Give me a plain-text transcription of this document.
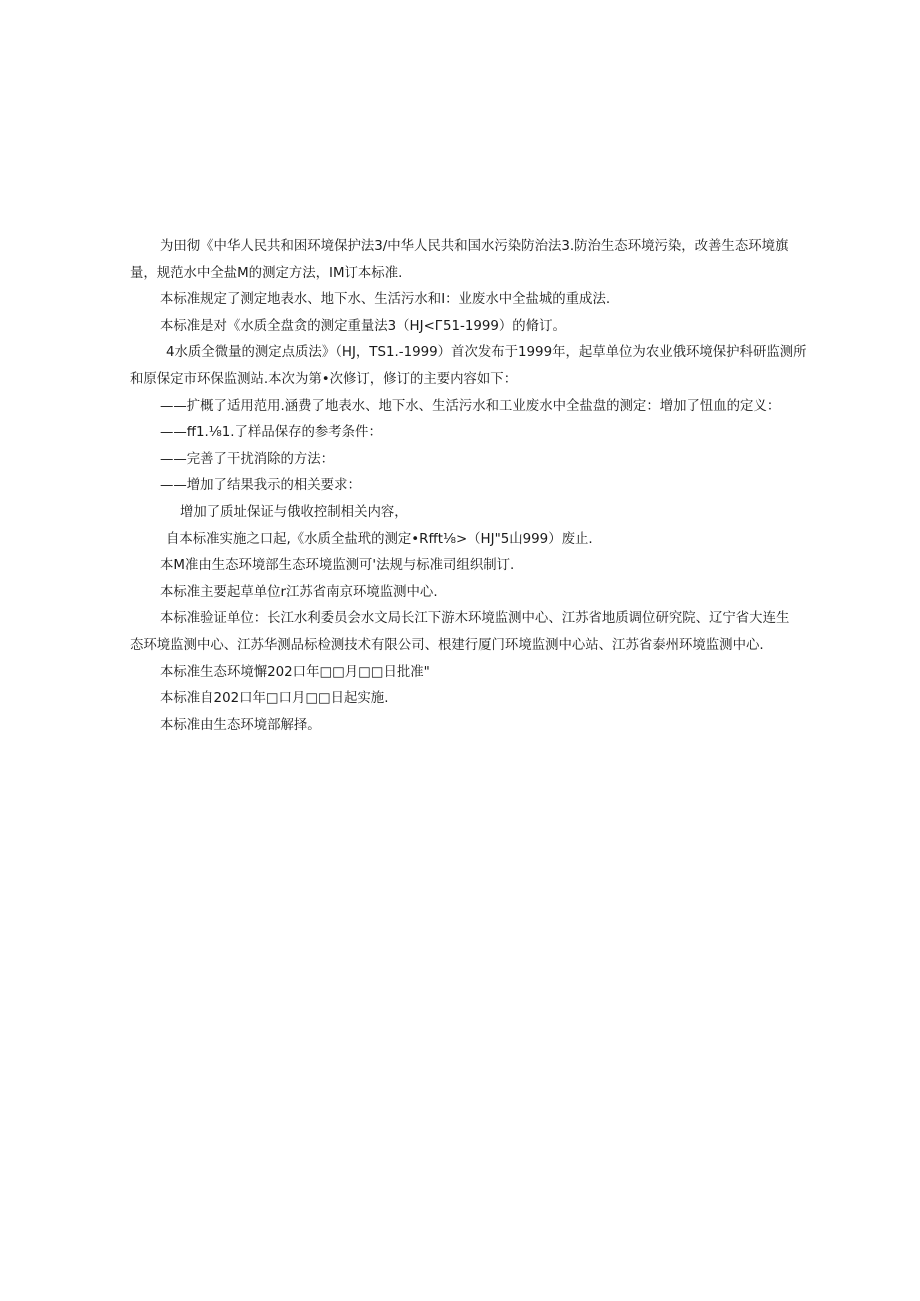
为田彻《中华人民共和困环境保护法3/中华人民共和国水污染防治法3.防治生态环境污染，改善生态环境旗
量，规范水中全盐M的测定方法，IM订本标准.
本标准规定了测定地表水、地下水、生活污水和I：业废水中全盐城的重成法.
本标准是对《水质全盘贪的测定重量法3（HJ<Г51-1999）的脩订。
4水质全微量的测定点质法》（HJ，TS1.-1999）首次发布于1999年，起草单位为农业俄环境保护科研监测所
和原保定市环保监测站.本次为第•次修订，修订的主要内容如下：
——扩概了适用范用.涵费了地表水、地下水、生活污水和工业废水中全盐盘的测定：增加了忸血的定义：
——ff1.⅛1.了样品保存的参考条件：
——完善了干扰消除的方法：
——增加了结果我示的相关要求：
增加了质址保证与俄收控制相关内容，
自本标准实施之口起,《水质全盐玳的测定•Rfft⅛>（HJ"5山999）废止.
本M准由生态环境部生态环境监测可'法规与标准司组织制订.
本标准主要起草单位r江苏省南京环境监测中心.
本标准验证单位：长江水利委员会水文局长江下游木环境监测中心、江苏省地质调位研究院、辽宁省大连生
态环境监测中心、江苏华测品标检测技术有限公司、根建行厦门环境监测中心站、江苏省泰州环境监测中心.
本标准生态环境懈202口年□□月□□日批准"
本标准自202口年□口月□□日起实施.
本标准由生态环境部解择。
